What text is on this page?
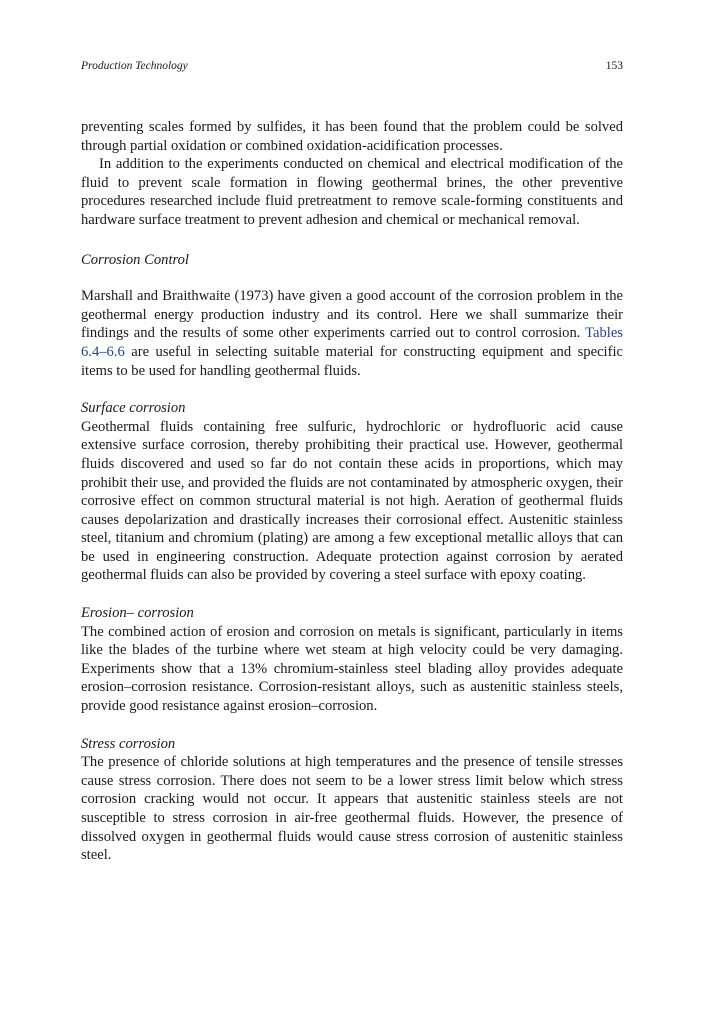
Production Technology	153

preventing scales formed by sulfides, it has been found that the problem could be solved through partial oxidation or combined oxidation-acidification processes.

In addition to the experiments conducted on chemical and electrical modification of the fluid to prevent scale formation in flowing geothermal brines, the other preventive procedures researched include fluid pretreatment to remove scale-forming constituents and hardware surface treatment to prevent adhesion and chemical or mechanical removal.

Corrosion Control

Marshall and Braithwaite (1973) have given a good account of the corrosion problem in the geothermal energy production industry and its control. Here we shall summarize their findings and the results of some other experiments carried out to control corrosion. Tables 6.4–6.6 are useful in selecting suitable material for constructing equipment and specific items to be used for handling geothermal fluids.

Surface corrosion

Geothermal fluids containing free sulfuric, hydrochloric or hydrofluoric acid cause extensive surface corrosion, thereby prohibiting their practical use. However, geothermal fluids discovered and used so far do not contain these acids in proportions, which may prohibit their use, and provided the fluids are not contaminated by atmospheric oxygen, their corrosive effect on common structural material is not high. Aeration of geothermal fluids causes depolarization and drastically increases their corrosional effect. Austenitic stainless steel, titanium and chromium (plating) are among a few exceptional metallic alloys that can be used in engineering construction. Adequate protection against corrosion by aerated geothermal fluids can also be provided by covering a steel surface with epoxy coating.

Erosion– corrosion

The combined action of erosion and corrosion on metals is significant, particularly in items like the blades of the turbine where wet steam at high velocity could be very damaging. Experiments show that a 13% chromium-stainless steel blading alloy provides adequate erosion–corrosion resistance. Corrosion-resistant alloys, such as austenitic stainless steels, provide good resistance against erosion–corrosion.

Stress corrosion

The presence of chloride solutions at high temperatures and the presence of tensile stresses cause stress corrosion. There does not seem to be a lower stress limit below which stress corrosion cracking would not occur. It appears that austenitic stainless steels are not susceptible to stress corrosion in air-free geothermal fluids. However, the presence of dissolved oxygen in geothermal fluids would cause stress corrosion of austenitic stainless steel.
